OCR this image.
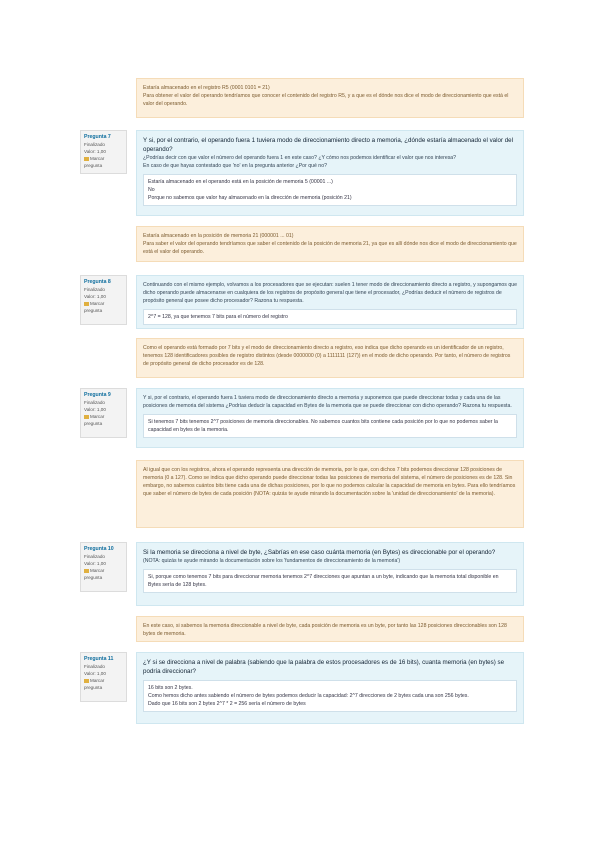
Estaría almacenado en el registro R5 (0001 0101 = 21)

Para obtener el valor del operando tendríamos que conocer el contenido del registro R5, y a que es el dónde nos dice el modo de direccionamiento que está el valor del operando.

Pregunta 7
Finalizado
Valor: 1,00
Marcar pregunta

Y si, por el contrario, el operando fuera 1 tuviera modo de direccionamiento directo a memoria, ¿dónde estaría almacenado el valor del operando?

¿Podrías decir con que valor el número del operando fuera 1 en este caso? ¿Y cómo nos podemos identificar el valor que nos interesa?

En caso de que hayas contestado que 'no' en la pregunta anterior ¿Por qué no?

Estaría almacenado en el operando está en la posición de memoria 5 (00001 ...)

No

Porque no sabemos que valor hay almacenado en la dirección de memoria (posición 21)

Estaría almacenado en la posición de memoria 21 (000001 ... 01)

Para saber el valor del operando tendríamos que saber el contenido de la posición de memoria 21, ya que es allí dónde nos dice el modo de direccionamiento que está el valor del operando.

Pregunta 8
Finalizado
Valor: 1,00
Marcar pregunta

Continuando con el mismo ejemplo, volvamos a los procesadores que se ejecutan: suelen 1 tener modo de direccionamiento directo a registro, y supongamos que dicho operando puede almacenarse en cualquiera de los registros de propósito general que tiene el procesador, ¿Podrías deducir el número de registros de propósito general que posee dicho procesador? Razona tu respuesta.

2^7 = 128, ya que tenemos 7 bits para el número del registro

Como el operando está formado por 7 bits y el modo de direccionamiento directo a registro, eso indica que dicho operando es un identificador de un registro, tenemos 128 identificadores posibles de registro distintos (desde 0000000 (0) a 1111111 (127)) en el modo de dicho operando. Por tanto, el número de registros de propósito general de dicho procesador es de 128.

Pregunta 9
Finalizado
Valor: 1,00
Marcar pregunta

Y si, por el contrario, el operando fuera 1 tuviera modo de direccionamiento directo a memoria y suponemos que puede direccionar todas y cada una de las posiciones de memoria del sistema ¿Podrías deducir la capacidad en Bytes de la memoria que se puede direccionar con dicho operando? Razona tu respuesta.

Si tenemos 7 bits tenemos 2^7 posiciones de memoria direccionables. No sabemos cuantos bits contiene cada posición por lo que no podemos saber la capacidad en bytes de la memoria.

Al igual que con los registros, ahora el operando representa una dirección de memoria, por lo que, con dichos 7 bits podemos direccionar 128 posiciones de memoria (0 a 127). Como se indica que dicho operando puede direccionar todas las posiciones de memoria del sistema, el número de posiciones es de 128. Sin embargo, no sabemos cuántos bits tiene cada una de dichas posiciones, por lo que no podemos calcular la capacidad de memoria en bytes. Para ello tendríamos que saber el número de bytes de cada posición (NOTA: quizás te ayude mirando la documentación sobre la 'unidad de direccionamiento' de la memoria).

Pregunta 10
Finalizado
Valor: 1,00
Marcar pregunta

Si la memoria se direcciona a nivel de byte, ¿Sabrías en ese caso cuánta memoria (en Bytes) es direccionable por el operando?

(NOTA: quizás te ayude mirando la documentación sobre los 'fundamentos de direccionamiento de la memoria')

Si, porque como tenemos 7 bits para direccionar memoria tenemos 2^7 direcciones que apuntan a un byte, indicando que la memoria total disponible en Bytes sería de 128 bytes.

En este caso, si sabemos la memoria direccionable a nivel de byte, cada posición de memoria es un byte, por tanto las 128 posiciones direccionables son 128 bytes de memoria.

Pregunta 11
Finalizado
Valor: 1,00
Marcar pregunta

¿Y si se direcciona a nivel de palabra (sabiendo que la palabra de estos procesadores es de 16 bits), cuanta memoria (en bytes) se podría direccionar?

16 bits son 2 bytes.

Como hemos dicho antes sabiendo el número de bytes podemos deducir la capacidad: 2^7 direcciones de 2 bytes cada una son 256 bytes.

Dado que 16 bits son 2 bytes 2^7 * 2 = 256 sería el número de bytes
